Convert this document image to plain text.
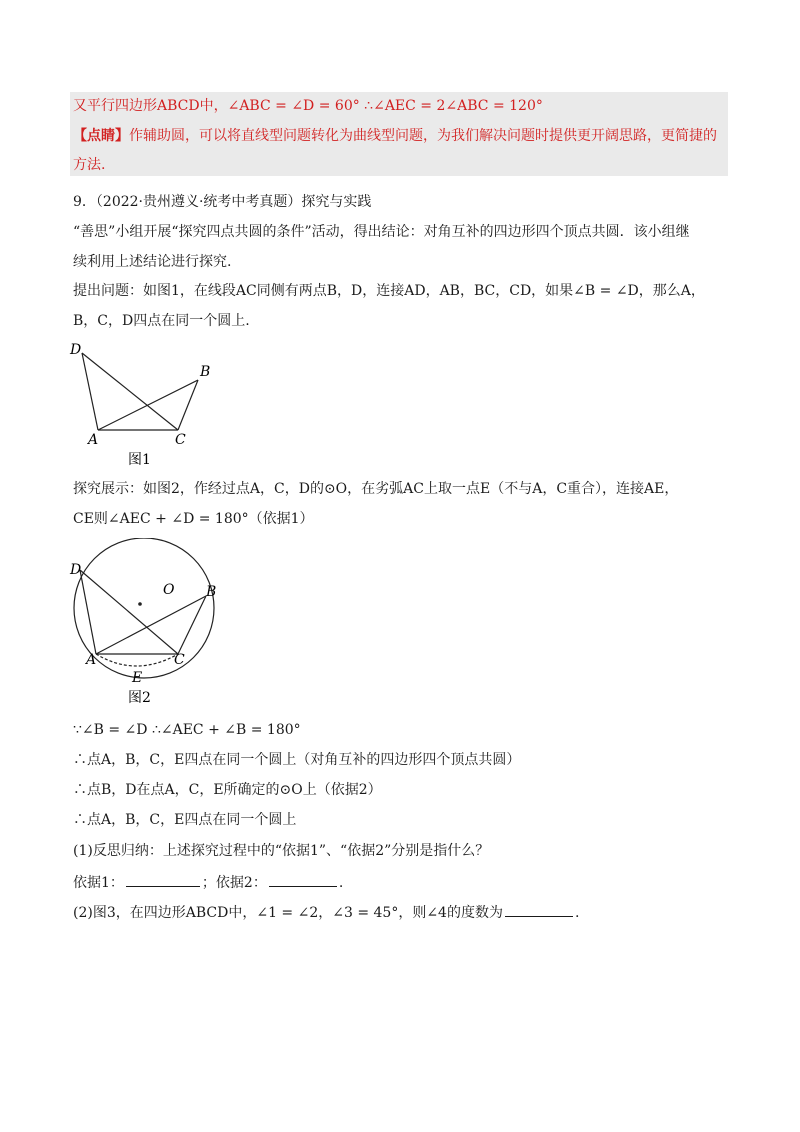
又平行四边形ABCD中，∠ABC = ∠D = 60° ∴∠AEC = 2∠ABC = 120°
【点睛】作辅助圆，可以将直线型问题转化为曲线型问题，为我们解决问题时提供更开阔思路，更简捷的
方法.
9．（2022·贵州遵义·统考中考真题）探究与实践
“善思”小组开展“探究四点共圆的条件”活动，得出结论：对角互补的四边形四个顶点共圆．该小组继
续利用上述结论进行探究.
提出问题：如图1，在线段AC同侧有两点B，D，连接AD，AB，BC，CD，如果∠B = ∠D，那么A，
B，C，D四点在同一个圆上.
D
B
A	C
图1
探究展示：如图2，作经过点A，C，D的⊙O，在劣弧AC上取一点E（不与A，C重合），连接AE，
CE则∠AEC + ∠D = 180°（依据1）
D
O B
A	C
E
图2
∵∠B = ∠D ∴∠AEC + ∠B = 180°
∴点A，B，C，E四点在同一个圆上（对角互补的四边形四个顶点共圆）
∴点B，D在点A，C，E所确定的⊙O上（依据2）
∴点A，B，C，E四点在同一个圆上
(1)反思归纳：上述探究过程中的“依据1”、“依据2”分别是指什么？
依据1：	；依据2：	.
(2)图3，在四边形ABCD中，∠1 = ∠2，∠3 = 45°，则∠4的度数为	.
